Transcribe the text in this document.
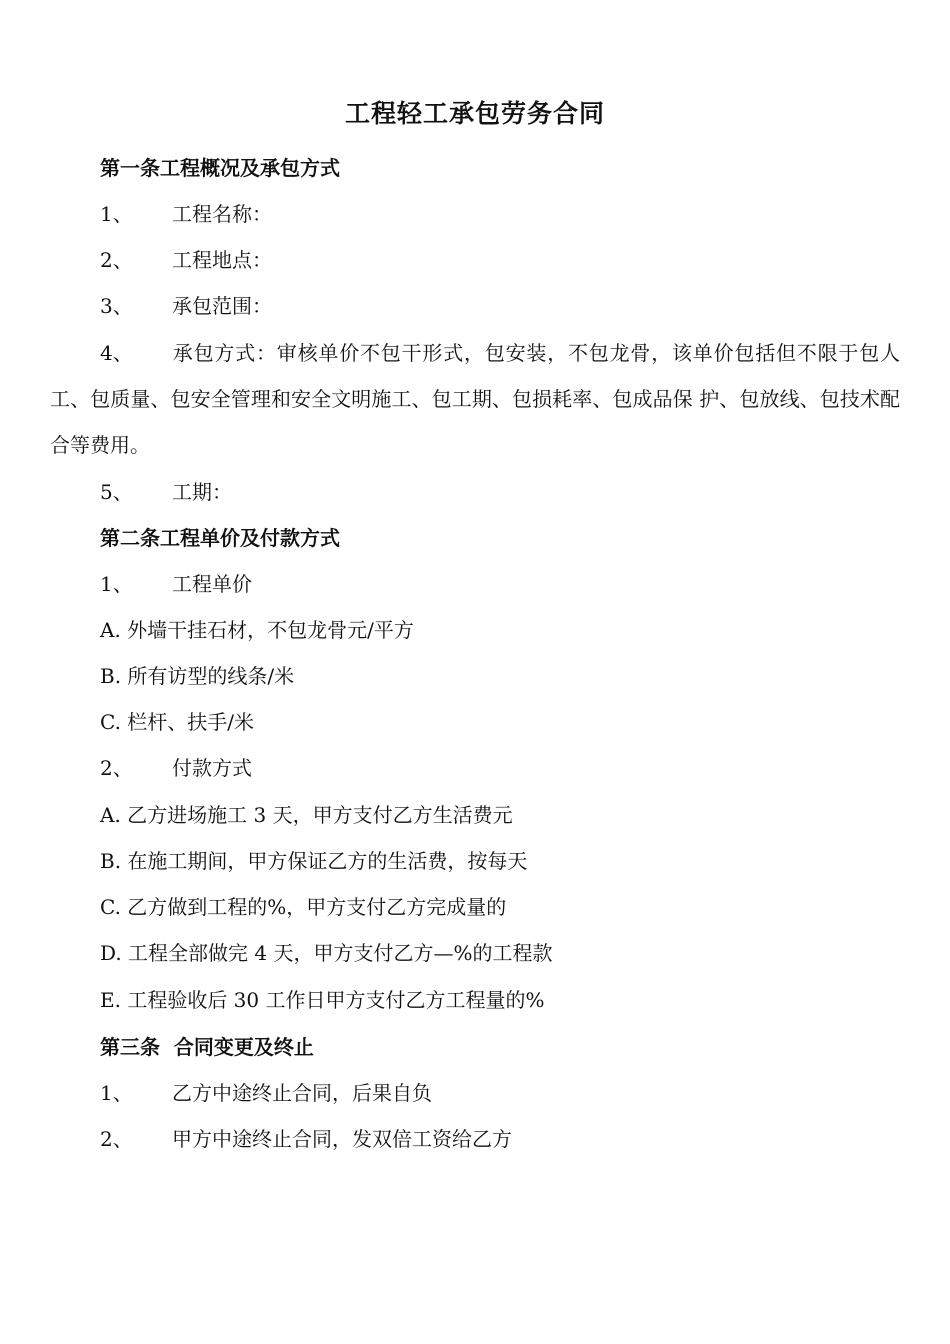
工程轻工承包劳务合同
第一条工程概况及承包方式
1、 工程名称：
2、 工程地点：
3、 承包范围：
4、 承包方式：审核单价不包干形式，包安装，不包龙骨，该单价包括但不限于包人工、包质量、包安全管理和安全文明施工、包工期、包损耗率、包成品保 护、包放线、包技术配合等费用。
5、 工期：
第二条工程单价及付款方式
1、 工程单价
A. 外墙干挂石材，不包龙骨元/平方
B. 所有访型的线条/米
C. 栏杆、扶手/米
2、 付款方式
A. 乙方进场施工 3 天，甲方支付乙方生活费元
B. 在施工期间，甲方保证乙方的生活费，按每天
C. 乙方做到工程的%，甲方支付乙方完成量的
D. 工程全部做完 4 天，甲方支付乙方—%的工程款
E. 工程验收后 30 工作日甲方支付乙方工程量的%
第三条  合同变更及终止
1、 乙方中途终止合同，后果自负
2、 甲方中途终止合同，发双倍工资给乙方
